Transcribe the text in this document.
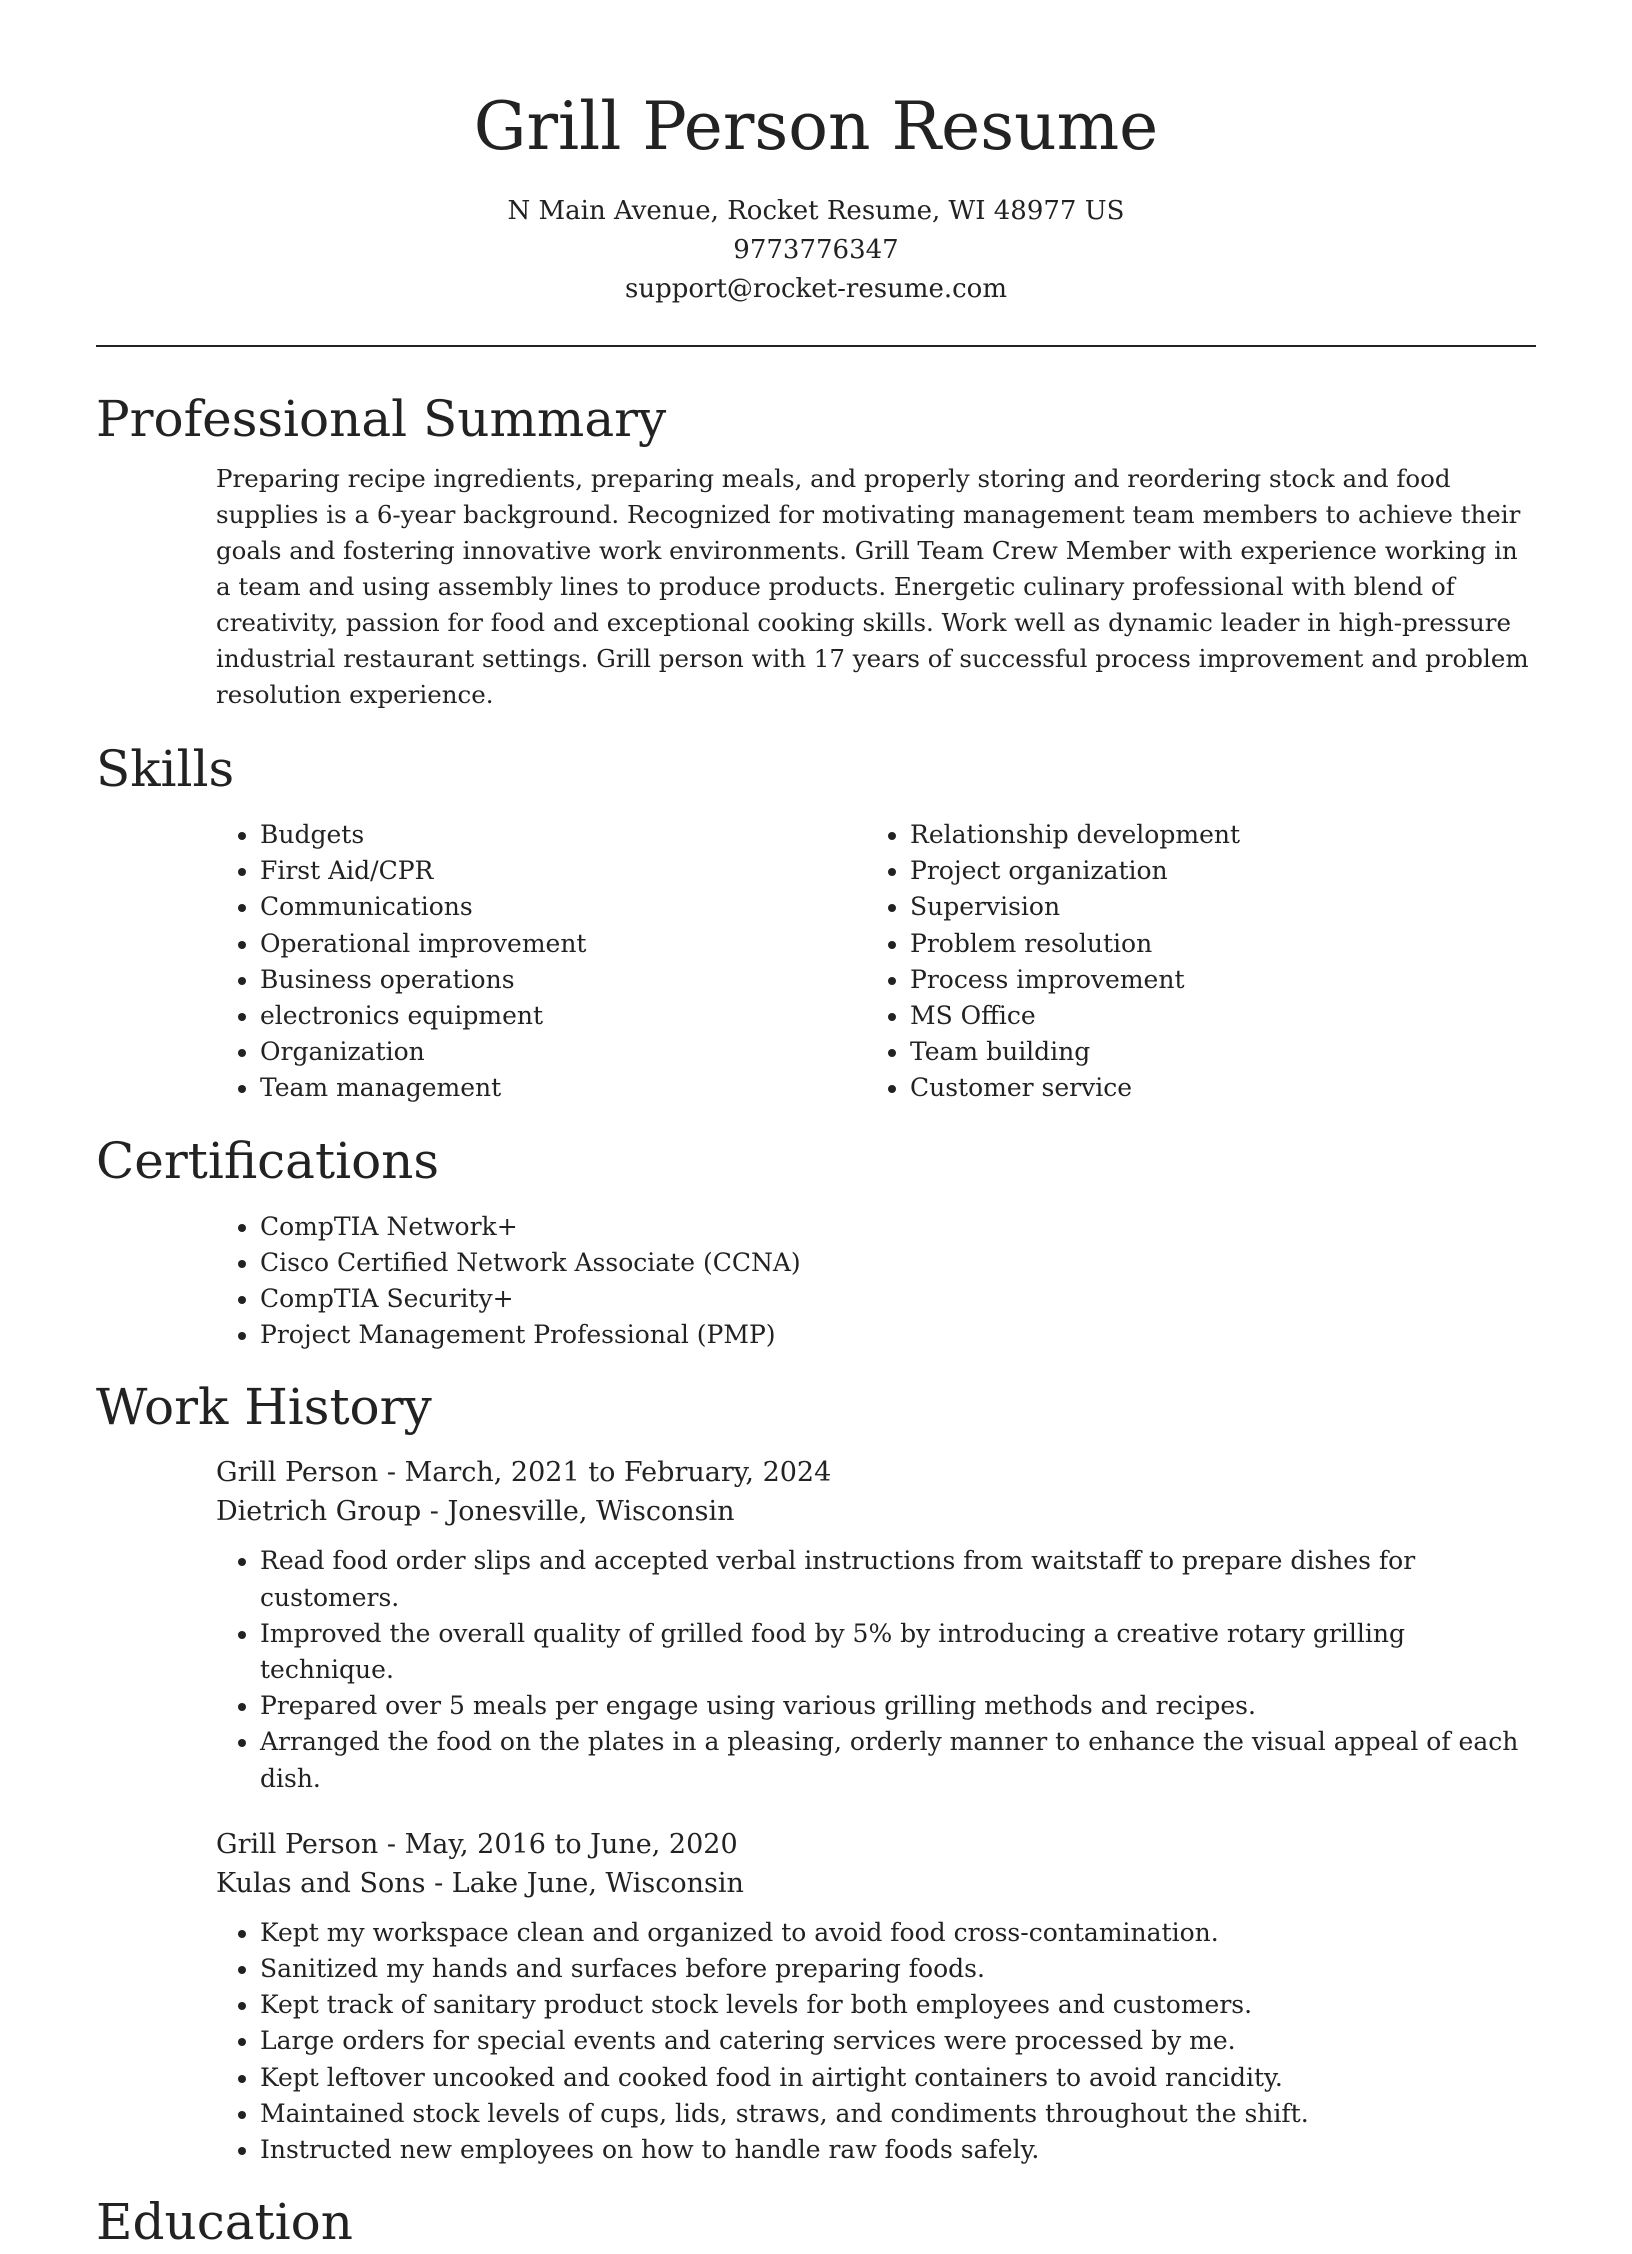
Grill Person Resume

N Main Avenue, Rocket Resume, WI 48977 US

9773776347

support@rocket-resume.com

Professional Summary

Preparing recipe ingredients, preparing meals, and properly storing and reordering stock and food supplies is a 6-year background. Recognized for motivating management team members to achieve their goals and fostering innovative work environments. Grill Team Crew Member with experience working in a team and using assembly lines to produce products. Energetic culinary professional with blend of creativity, passion for food and exceptional cooking skills. Work well as dynamic leader in high-pressure industrial restaurant settings. Grill person with 17 years of successful process improvement and problem resolution experience.

Skills
• Budgets
• First Aid/CPR
• Communications
• Operational improvement
• Business operations
• electronics equipment
• Organization
• Team management
• Relationship development
• Project organization
• Supervision
• Problem resolution
• Process improvement
• MS Office
• Team building
• Customer service
Certifications
• CompTIA Network+
• Cisco Certified Network Associate (CCNA)
• CompTIA Security+
• Project Management Professional (PMP)
Work History
Grill Person - March, 2021 to February, 2024
Dietrich Group - Jonesville, Wisconsin
• Read food order slips and accepted verbal instructions from waitstaff to prepare dishes for customers.
• Improved the overall quality of grilled food by 5% by introducing a creative rotary grilling technique.
• Prepared over 5 meals per engage using various grilling methods and recipes.
• Arranged the food on the plates in a pleasing, orderly manner to enhance the visual appeal of each dish.
Grill Person - May, 2016 to June, 2020
Kulas and Sons - Lake June, Wisconsin
• Kept my workspace clean and organized to avoid food cross-contamination.
• Sanitized my hands and surfaces before preparing foods.
• Kept track of sanitary product stock levels for both employees and customers.
• Large orders for special events and catering services were processed by me.
• Kept leftover uncooked and cooked food in airtight containers to avoid rancidity.
• Maintained stock levels of cups, lids, straws, and condiments throughout the shift.
• Instructed new employees on how to handle raw foods safely.
Education
